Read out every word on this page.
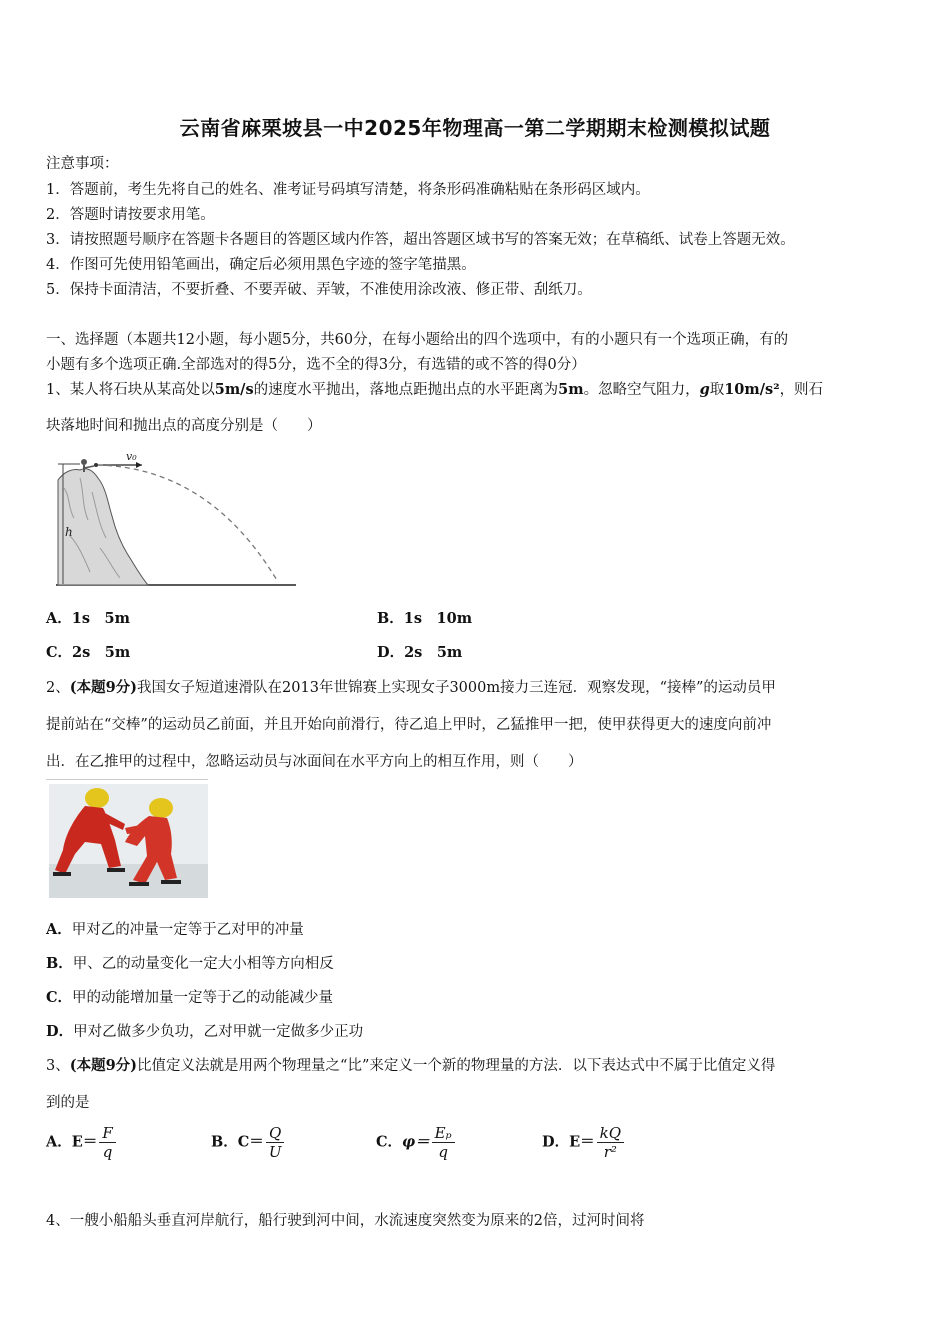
云南省麻栗坡县一中2025年物理高一第二学期期末检测模拟试题
注意事项：
1．答题前，考生先将自己的姓名、准考证号码填写清楚，将条形码准确粘贴在条形码区域内。
2．答题时请按要求用笔。
3．请按照题号顺序在答题卡各题目的答题区域内作答，超出答题区域书写的答案无效；在草稿纸、试卷上答题无效。
4．作图可先使用铅笔画出，确定后必须用黑色字迹的签字笔描黑。
5．保持卡面清洁，不要折叠、不要弄破、弄皱，不准使用涂改液、修正带、刮纸刀。
一、选择题（本题共12小题，每小题5分，共60分，在每小题给出的四个选项中，有的小题只有一个选项正确，有的
小题有多个选项正确.全部选对的得5分，选不全的得3分，有选错的或不答的得0分）
1、某人将石块从某高处以5m/s的速度水平抛出，落地点距抛出点的水平距离为5m。忽略空气阻力，g取10m/s²，则石
块落地时间和抛出点的高度分别是（　　）
v₀
h
A．1s　5m	B．1s　10m
C．2s　5m	D．2s　5m
2、(本题9分)我国女子短道速滑队在2013年世锦赛上实现女子3000m接力三连冠．观察发现，“接棒”的运动员甲
提前站在“交棒”的运动员乙前面，并且开始向前滑行，待乙追上甲时，乙猛推甲一把，使甲获得更大的速度向前冲
出．在乙推甲的过程中，忽略运动员与冰面间在水平方向上的相互作用，则（　　）
A．甲对乙的冲量一定等于乙对甲的冲量
B．甲、乙的动量变化一定大小相等方向相反
C．甲的动能增加量一定等于乙的动能减少量
D．甲对乙做多少负功，乙对甲就一定做多少正功
3、(本题9分)比值定义法就是用两个物理量之“比”来定义一个新的物理量的方法．以下表达式中不属于比值定义得
到的是
A．$E= \frac{F}{q}$	B．$C= \frac{Q}{U}$	C．$\varphi= \frac{\text{Eₚ}}{q}$	D．$E= \frac{kQ}{\text{r²}}$
4、一艘小船船头垂直河岸航行，船行驶到河中间，水流速度突然变为原来的2倍，过河时间将
